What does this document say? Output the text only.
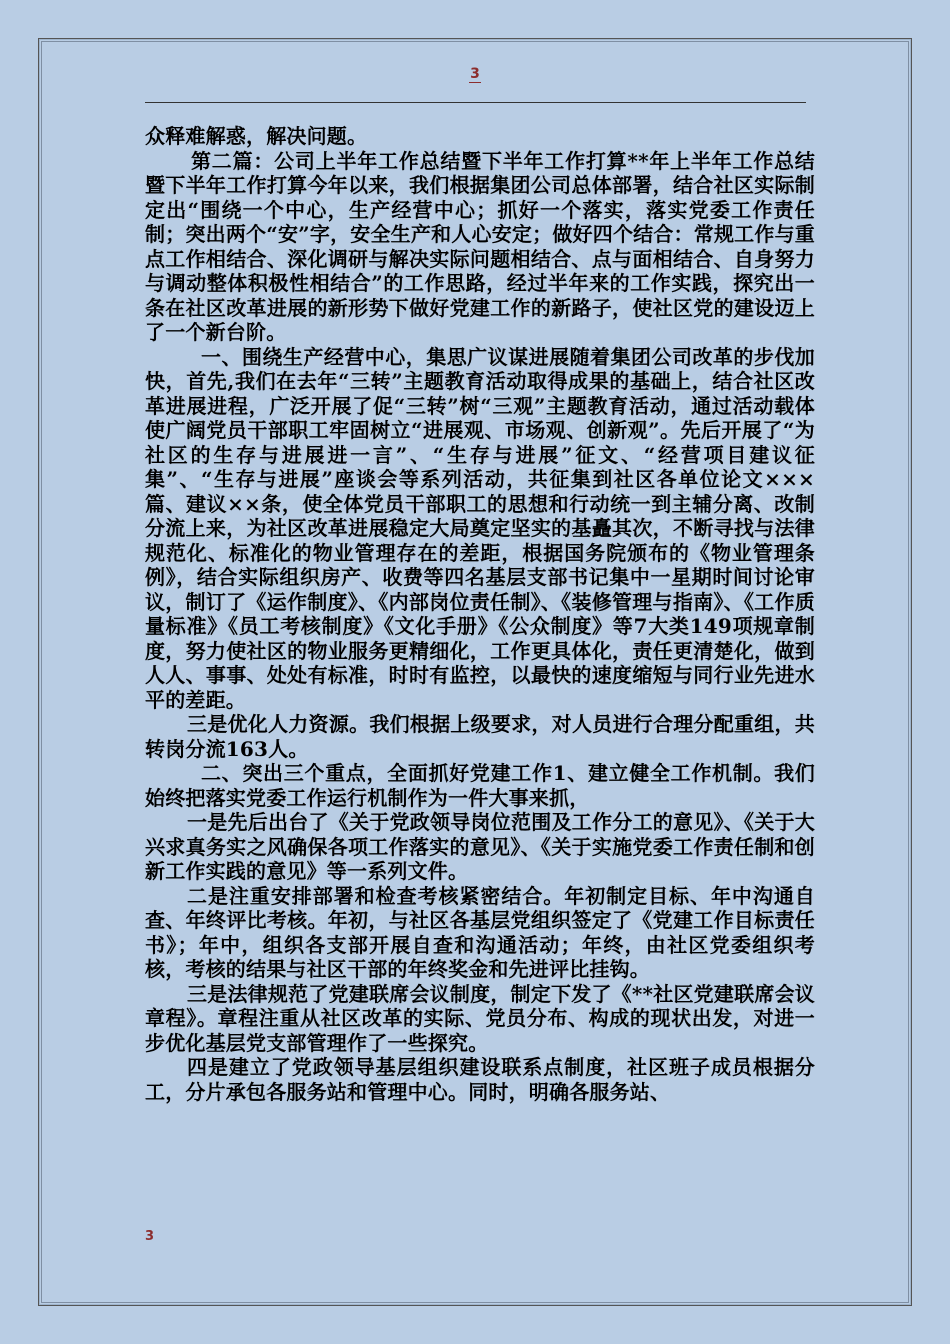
3

众释难解惑，解决问题。

第二篇：公司上半年工作总结暨下半年工作打算**年上半年工作总结暨下半年工作打算今年以来，我们根据集团公司总体部署，结合社区实际制定出“围绕一个中心，生产经营中心；抓好一个落实，落实党委工作责任制；突出两个“安”字，安全生产和人心安定；做好四个结合：常规工作与重点工作相结合、深化调研与解决实际问题相结合、点与面相结合、自身努力与调动整体积极性相结合”的工作思路，经过半年来的工作实践，探究出一条在社区改革进展的新形势下做好党建工作的新路子，使社区党的建设迈上了一个新台阶。

一、围绕生产经营中心，集思广议谋进展随着集团公司改革的步伐加快，首先,我们在去年“三转”主题教育活动取得成果的基础上，结合社区改革进展进程，广泛开展了促“三转”树“三观”主题教育活动，通过活动载体使广阔党员干部职工牢固树立“进展观、市场观、创新观”。先后开展了“为社区的生存与进展进一言”、“生存与进展”征文、“经营项目建议征集”、“生存与进展”座谈会等系列活动，共征集到社区各单位论文×××篇、建议××条，使全体党员干部职工的思想和行动统一到主辅分离、改制分流上来，为社区改革进展稳定大局奠定坚实的基矗其次，不断寻找与法律规范化、标准化的物业管理存在的差距，根据国务院颁布的《物业管理条例》，结合实际组织房产、收费等四名基层支部书记集中一星期时间讨论审议，制订了《运作制度》、《内部岗位责任制》、《装修管理与指南》、《工作质量标准》《员工考核制度》《文化手册》《公众制度》等7大类149项规章制度，努力使社区的物业服务更精细化，工作更具体化，责任更清楚化，做到人人、事事、处处有标准，时时有监控，以最快的速度缩短与同行业先进水平的差距。

三是优化人力资源。我们根据上级要求，对人员进行合理分配重组，共转岗分流163人。

二、突出三个重点，全面抓好党建工作1、建立健全工作机制。我们始终把落实党委工作运行机制作为一件大事来抓，

一是先后出台了《关于党政领导岗位范围及工作分工的意见》、《关于大兴求真务实之风确保各项工作落实的意见》、《关于实施党委工作责任制和创新工作实践的意见》等一系列文件。

二是注重安排部署和检查考核紧密结合。年初制定目标、年中沟通自查、年终评比考核。年初，与社区各基层党组织签定了《党建工作目标责任书》；年中，组织各支部开展自查和沟通活动；年终，由社区党委组织考核，考核的结果与社区干部的年终奖金和先进评比挂钩。

三是法律规范了党建联席会议制度，制定下发了《**社区党建联席会议章程》。章程注重从社区改革的实际、党员分布、构成的现状出发，对进一步优化基层党支部管理作了一些探究。

四是建立了党政领导基层组织建设联系点制度，社区班子成员根据分工，分片承包各服务站和管理中心。同时，明确各服务站、

3
